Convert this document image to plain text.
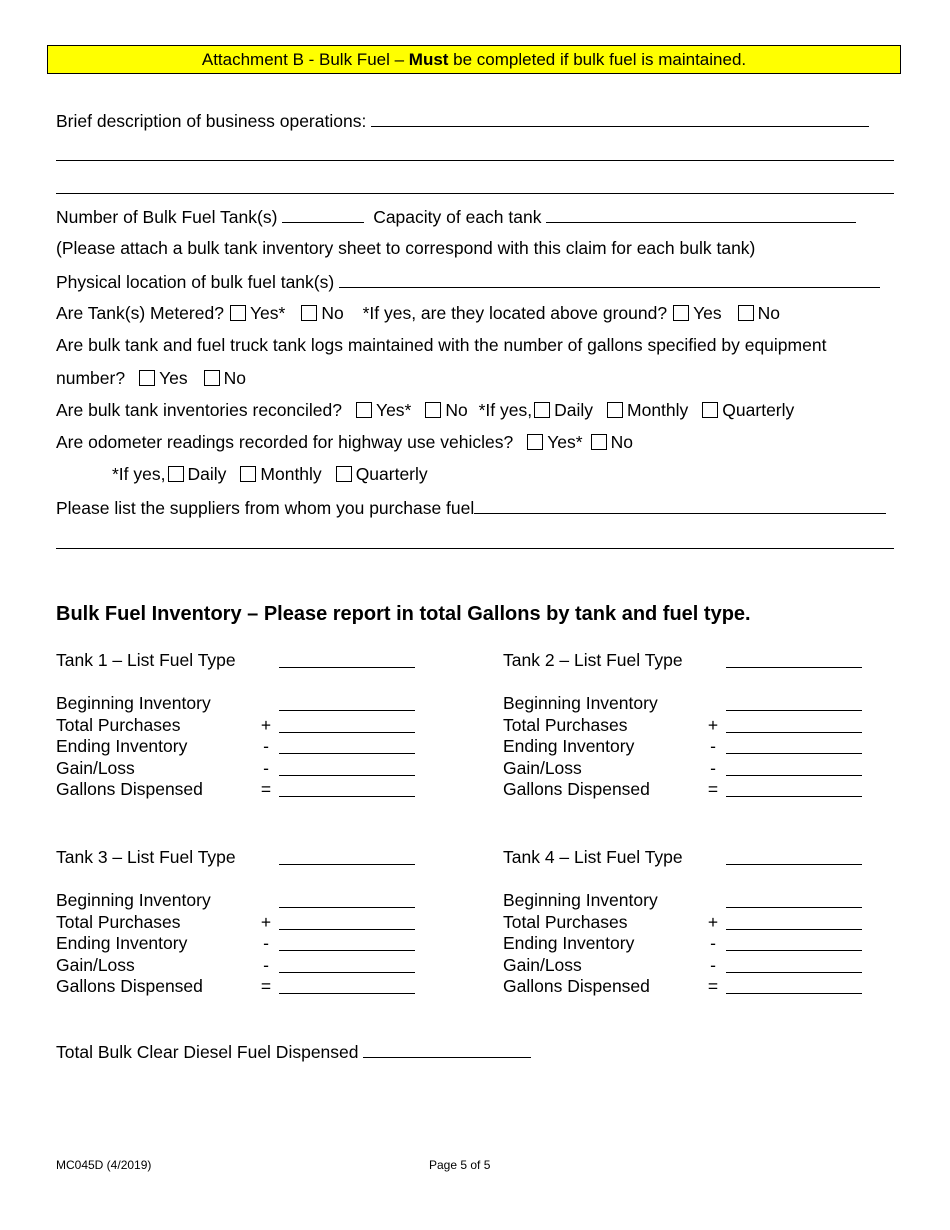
Attachment B - Bulk Fuel – Must be completed if bulk fuel is maintained.
Brief description of business operations:
Number of Bulk Fuel Tank(s)	Capacity of each tank
(Please attach a bulk tank inventory sheet to correspond with this claim for each bulk tank)
Physical location of bulk fuel tank(s)
Are Tank(s) Metered? Yes* No *If yes, are they located above ground? Yes No
Are bulk tank and fuel truck tank logs maintained with the number of gallons specified by equipment
number? Yes No
Are bulk tank inventories reconciled? Yes* No *If yes, Daily Monthly Quarterly
Are odometer readings recorded for highway use vehicles? Yes* No
*If yes, Daily Monthly Quarterly
Please list the suppliers from whom you purchase fuel
Bulk Fuel Inventory – Please report in total Gallons by tank and fuel type.
Tank 1 – List Fuel Type
Beginning Inventory
Total Purchases	+
Ending Inventory	-
Gain/Loss	-
Gallons Dispensed	=
Tank 2 – List Fuel Type
Beginning Inventory
Total Purchases	+
Ending Inventory	-
Gain/Loss	-
Gallons Dispensed	=
Tank 3 – List Fuel Type
Beginning Inventory
Total Purchases	+
Ending Inventory	-
Gain/Loss	-
Gallons Dispensed	=
Tank 4 – List Fuel Type
Beginning Inventory
Total Purchases	+
Ending Inventory	-
Gain/Loss	-
Gallons Dispensed	=
Total Bulk Clear Diesel Fuel Dispensed
MC045D (4/2019)	Page 5 of 5
